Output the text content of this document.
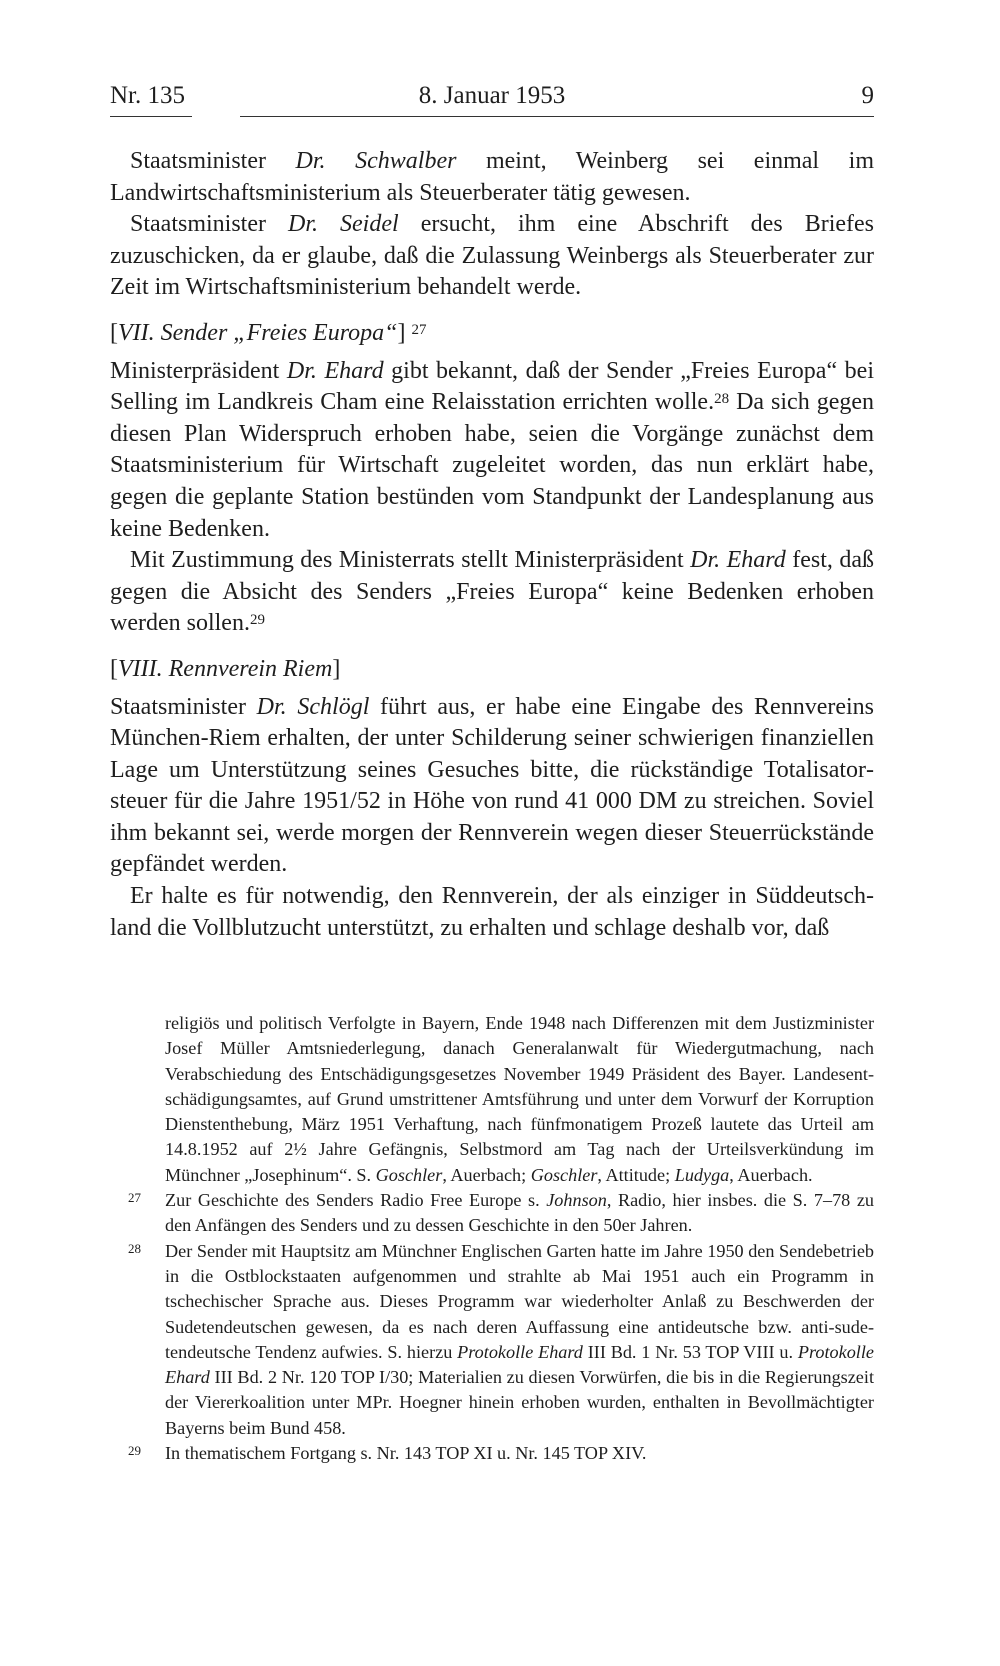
Nr. 135	8. Januar 1953	9

Staatsminister Dr. Schwalber meint, Weinberg sei einmal im Landwirtschaftsministerium als Steuerberater tätig gewesen.

Staatsminister Dr. Seidel ersucht, ihm eine Abschrift des Briefes zuzuschicken, da er glaube, daß die Zulassung Weinbergs als Steuerberater zur Zeit im Wirtschaftsministerium behandelt werde.

[VII. Sender „Freies Europa“] $^{27}$

Ministerpräsident Dr. Ehard gibt bekannt, daß der Sender „Freies Europa“ bei Selling im Landkreis Cham eine Relaisstation errichten wolle.$^{28}$ Da sich gegen diesen Plan Widerspruch erhoben habe, seien die Vorgänge zunächst dem Staatsministerium für Wirtschaft zugeleitet worden, das nun erklärt habe, gegen die geplante Station bestünden vom Standpunkt der Landesplanung aus keine Bedenken.

Mit Zustimmung des Ministerrats stellt Ministerpräsident Dr. Ehard fest, daß gegen die Absicht des Senders „Freies Europa“ keine Bedenken erhoben werden sollen.$^{29}$

[VIII. Rennverein Riem]

Staatsminister Dr. Schlögl führt aus, er habe eine Eingabe des Rennvereins München-Riem erhalten, der unter Schilderung seiner schwierigen finanziellen Lage um Unterstützung seines Gesuches bitte, die rückständige Totalisatorsteuer für die Jahre 1951/52 in Höhe von rund 41 000 DM zu streichen. Soviel ihm bekannt sei, werde morgen der Rennverein wegen dieser Steuerrückstände gepfändet werden.

Er halte es für notwendig, den Rennverein, der als einziger in Süddeutschland die Vollblutzucht unterstützt, zu erhalten und schlage deshalb vor, daß

religiös und politisch Verfolgte in Bayern, Ende 1948 nach Differenzen mit dem Justizminister Josef Müller Amtsniederlegung, danach Generalanwalt für Wiedergutmachung, nach Verabschiedung des Entschädigungsgesetzes November 1949 Präsident des Bayer. Landesentschädigungsamtes, auf Grund umstrittener Amtsführung und unter dem Vorwurf der Korruption Dienstenthebung, März 1951 Verhaftung, nach fünfmonatigem Prozeß lautete das Urteil am 14.8.1952 auf 2½ Jahre Gefängnis, Selbstmord am Tag nach der Urteilsverkündung im Münchner „Josephinum“. S. Goschler, Auerbach; Goschler, Attitude; Ludyga, Auerbach.

27 Zur Geschichte des Senders Radio Free Europe s. Johnson, Radio, hier insbes. die S. 7–78 zu den Anfängen des Senders und zu dessen Geschichte in den 50er Jahren.

28 Der Sender mit Hauptsitz am Münchner Englischen Garten hatte im Jahre 1950 den Sendebetrieb in die Ostblockstaaten aufgenommen und strahlte ab Mai 1951 auch ein Programm in tschechischer Sprache aus. Dieses Programm war wiederholter Anlaß zu Beschwerden der Sudetendeutschen gewesen, da es nach deren Auffassung eine antideutsche bzw. anti-sudetendeutsche Tendenz aufwies. S. hierzu Protokolle Ehard III Bd. 1 Nr. 53 TOP VIII u. Protokolle Ehard III Bd. 2 Nr. 120 TOP I/30; Materialien zu diesen Vorwürfen, die bis in die Regierungszeit der Viererkoalition unter MPr. Hoegner hinein erhoben wurden, enthalten in Bevollmächtigter Bayerns beim Bund 458.

29 In thematischem Fortgang s. Nr. 143 TOP XI u. Nr. 145 TOP XIV.
